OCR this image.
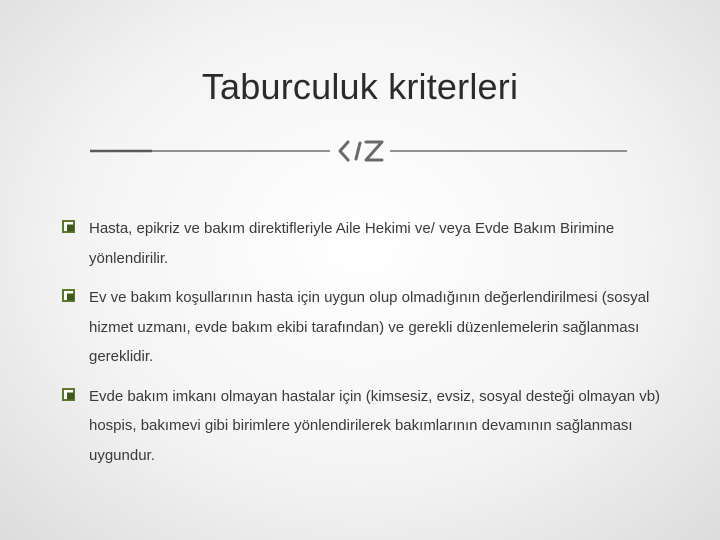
Taburculuk kriterleri
Hasta, epikriz ve bakım direktifleriyle Aile Hekimi ve/ veya Evde Bakım Birimine yönlendirilir.
Ev ve bakım koşullarının hasta için uygun olup olmadığının değerlendirilmesi (sosyal hizmet uzmanı, evde bakım ekibi tarafından) ve gerekli düzenlemelerin sağlanması gereklidir.
Evde bakım imkanı olmayan hastalar için (kimsesiz, evsiz, sosyal desteği olmayan vb) hospis, bakımevi gibi birimlere yönlendirilerek bakımlarının devamının sağlanması uygundur.
